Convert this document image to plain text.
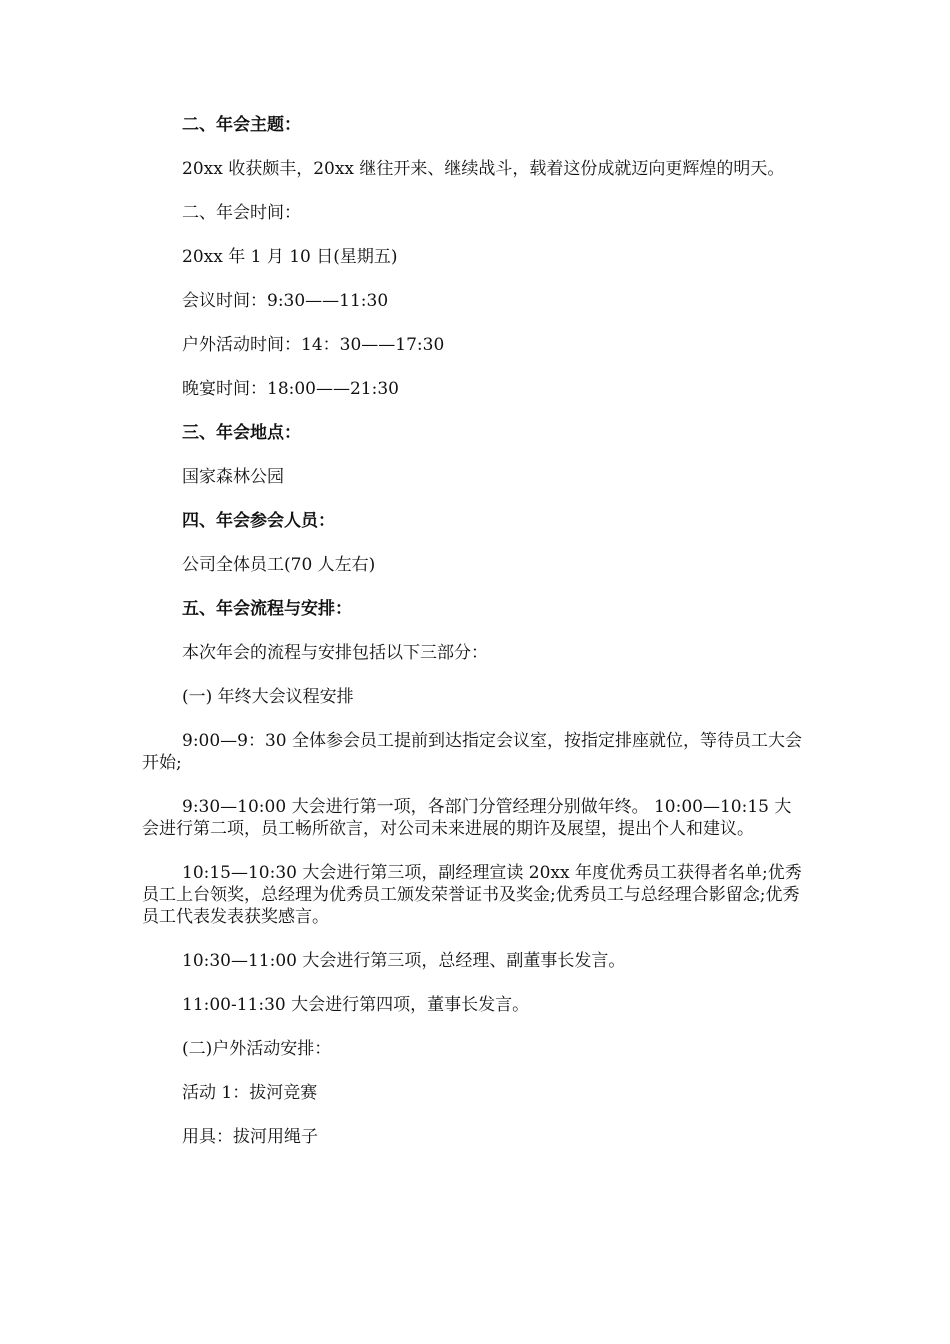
二、年会主题：

20xx 收获颇丰，20xx 继往开来、继续战斗，载着这份成就迈向更辉煌的明天。

二、年会时间：

20xx 年 1 月 10 日(星期五)

会议时间：9:30——11:30

户外活动时间：14：30——17:30

晚宴时间：18:00——21:30

三、年会地点：

国家森林公园

四、年会参会人员：

公司全体员工(70 人左右)

五、年会流程与安排：

本次年会的流程与安排包括以下三部分：

(一) 年终大会议程安排

9:00—9：30 全体参会员工提前到达指定会议室，按指定排座就位，等待员工大会开始;

9:30—10:00 大会进行第一项，各部门分管经理分别做年终。 10:00—10:15 大会进行第二项，员工畅所欲言，对公司未来进展的期许及展望，提出个人和建议。

10:15—10:30 大会进行第三项，副经理宣读 20xx 年度优秀员工获得者名单;优秀员工上台领奖，总经理为优秀员工颁发荣誉证书及奖金;优秀员工与总经理合影留念;优秀员工代表发表获奖感言。

10:30—11:00 大会进行第三项，总经理、副董事长发言。

11:00-11:30 大会进行第四项，董事长发言。

(二)户外活动安排：

活动 1：拔河竞赛

用具：拔河用绳子
